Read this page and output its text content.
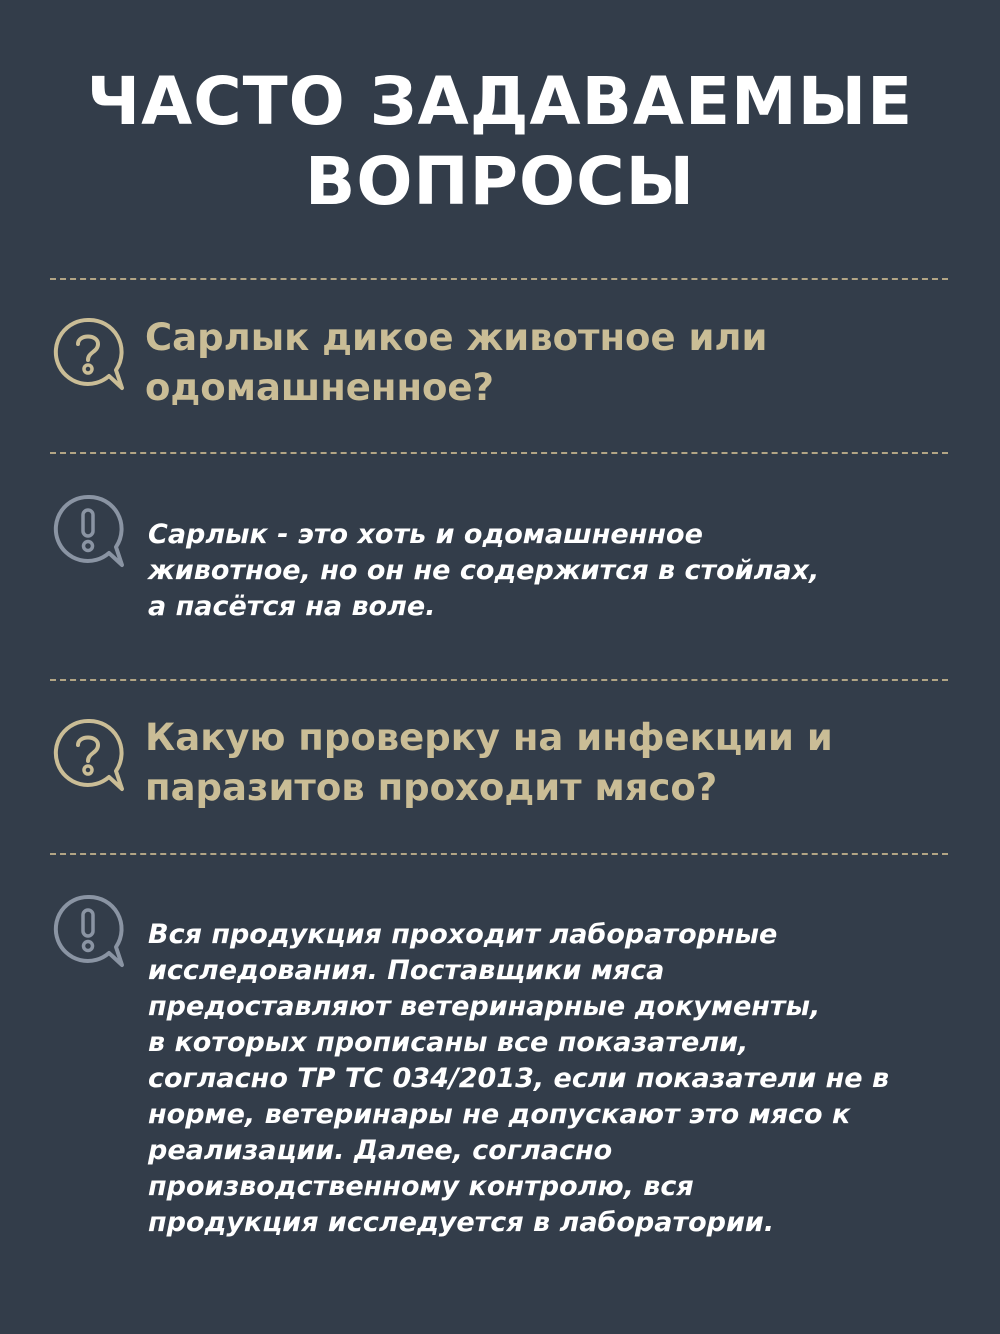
ЧАСТО ЗАДАВАЕМЫЕ
ВОПРОСЫ
Сарлык дикое животное или
одомашненное?
Сарлык - это хоть и одомашненное
животное, но он не содержится в стойлах,
а пасётся на воле.
Какую проверку на инфекции и
паразитов проходит мясо?
Вся продукция проходит лабораторные
исследования. Поставщики мяса
предоставляют ветеринарные документы,
в которых прописаны все показатели,
согласно ТР ТС 034/2013, если показатели не в
норме, ветеринары не допускают это мясо к
реализации. Далее, согласно
производственному контролю, вся
продукция исследуется в лаборатории.
